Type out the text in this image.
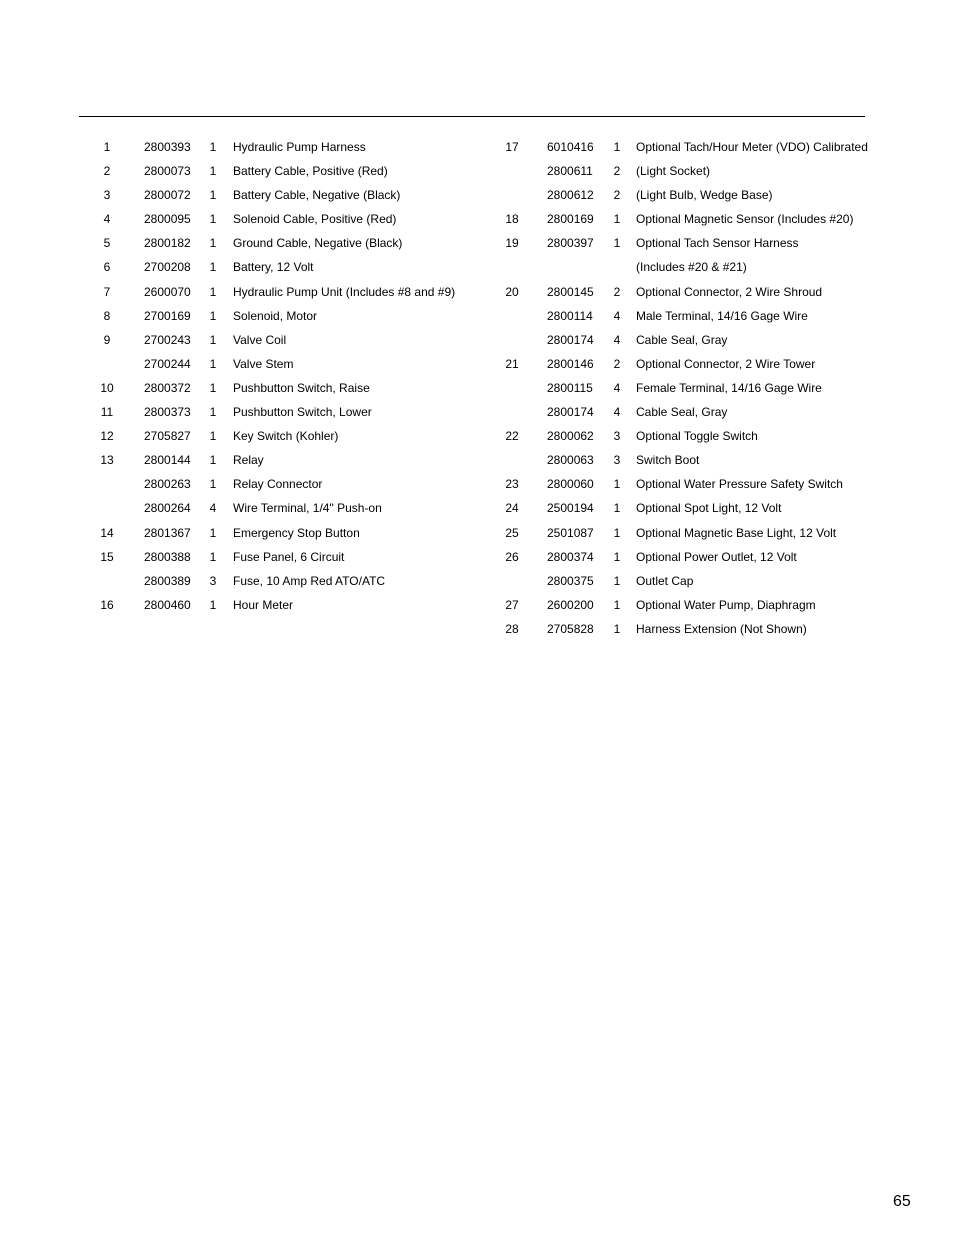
1	2800393	1	Hydraulic Pump Harness
2	2800073	1	Battery Cable, Positive (Red)
3	2800072	1	Battery Cable, Negative (Black)
4	2800095	1	Solenoid Cable, Positive (Red)
5	2800182	1	Ground Cable, Negative (Black)
6	2700208	1	Battery, 12 Volt
7	2600070	1	Hydraulic Pump Unit (Includes #8 and #9)
8	2700169	1	Solenoid, Motor
9	2700243	1	Valve Coil
2700244	1	Valve Stem
10	2800372	1	Pushbutton Switch, Raise
11	2800373	1	Pushbutton Switch, Lower
12	2705827	1	Key Switch (Kohler)
13	2800144	1	Relay
2800263	1	Relay Connector
2800264	4	Wire Terminal, 1/4" Push-on
14	2801367	1	Emergency Stop Button
15	2800388	1	Fuse Panel, 6 Circuit
2800389	3	Fuse, 10 Amp Red ATO/ATC
16	2800460	1	Hour Meter
17	6010416	1	Optional Tach/Hour Meter (VDO) Calibrated
2800611	2	(Light Socket)
2800612	2	(Light Bulb, Wedge Base)
18	2800169	1	Optional Magnetic Sensor (Includes #20)
19	2800397	1	Optional Tach Sensor Harness
(Includes #20 & #21)
20	2800145	2	Optional Connector, 2 Wire Shroud
2800114	4	Male Terminal, 14/16 Gage Wire
2800174	4	Cable Seal, Gray
21	2800146	2	Optional Connector, 2 Wire Tower
2800115	4	Female Terminal, 14/16 Gage Wire
2800174	4	Cable Seal, Gray
22	2800062	3	Optional Toggle Switch
2800063	3	Switch Boot
23	2800060	1	Optional Water Pressure Safety Switch
24	2500194	1	Optional Spot Light, 12 Volt
25	2501087	1	Optional Magnetic Base Light, 12 Volt
26	2800374	1	Optional Power Outlet, 12 Volt
2800375	1	Outlet Cap
27	2600200	1	Optional Water Pump, Diaphragm
28	2705828	1	Harness Extension (Not Shown)
65
